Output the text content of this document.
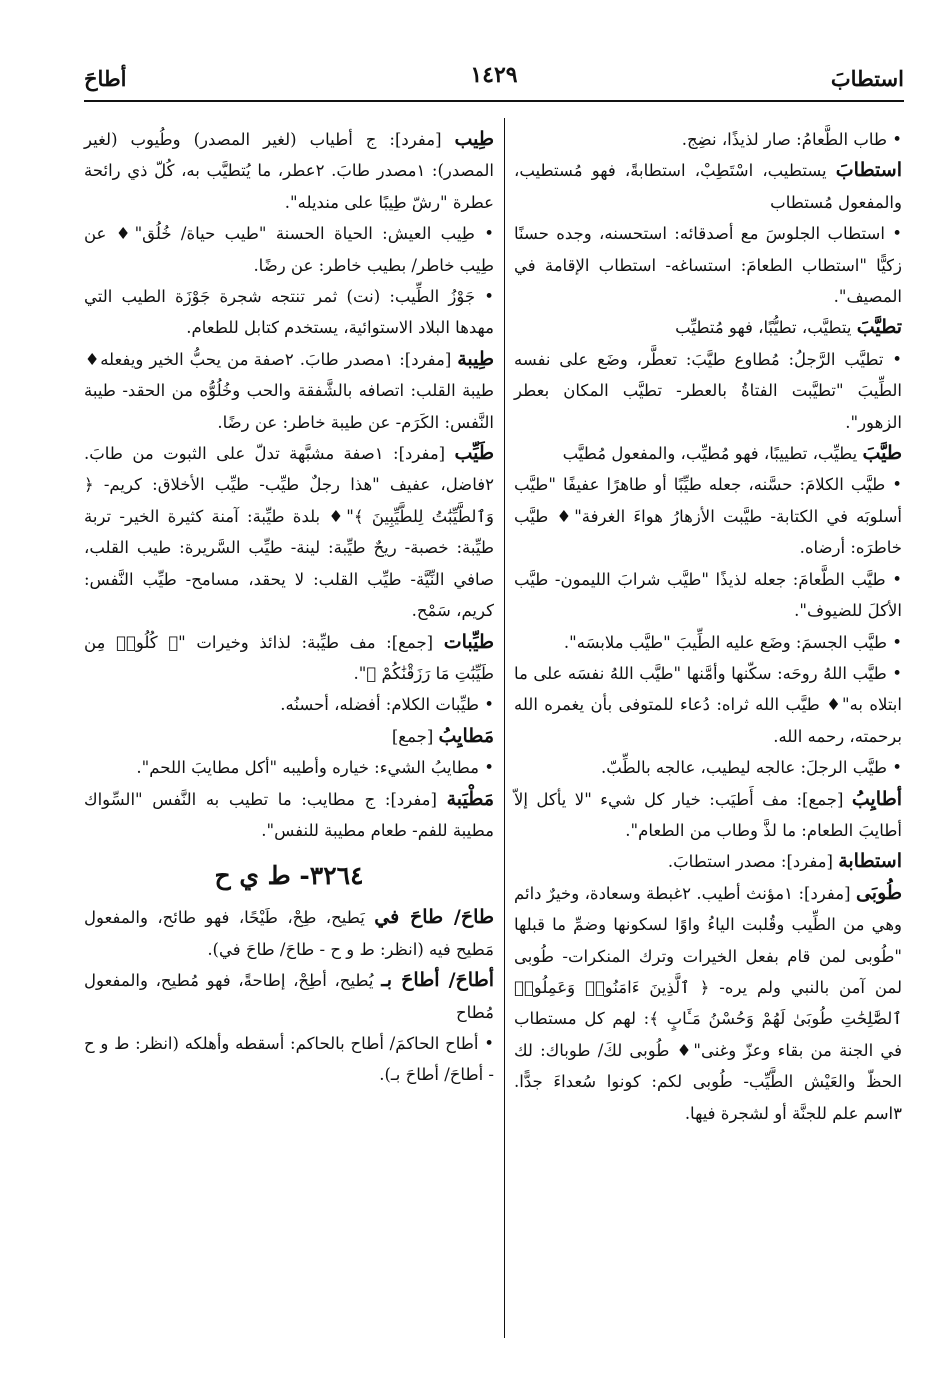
استطابَ
١٤٢٩
أطاحَ

• طاب الطَّعامُ: صار لذيذًا، نضِج.

استطابَ يستطيب، اسْتَطِبْ، استطابةً، فهو مُستطيب، والمفعول مُستطاب

• استطاب الجلوسَ مع أصدقائه: استحسنه، وجده حسنًا زكيًّا "استطاب الطعامَ: استساغه- استطاب الإقامة في المصيف".

تطيَّبَ يتطيَّب، تطيُّبًا، فهو مُتطيِّب

• تطيَّب الرَّجلُ: مُطاوع طيَّبَ: تعطَّر، وضَع على نفسه الطِّيبَ "تطيَّبت الفتاةُ بالعطر- تطيَّب المكان بعطر الزهور".

طيَّبَ يطيِّب، تطييبًا، فهو مُطيِّب، والمفعول مُطيَّب

• طيَّب الكلامَ: حسَّنه، جعله طيِّبًا أو طاهرًا عفيفًا "طيَّب أسلوبَه في الكتابة- طيَّبت الأزهارُ هواءَ الغرفة"♦ طيَّب خاطرَه: أرضاه.

• طيَّب الطَّعامَ: جعله لذيذًا "طيَّب شرابَ الليمون- طيَّب الأكلَ للضيوف".

• طيَّب الجسمَ: وضَع عليه الطِّيبَ "طيَّب ملابسَه".

• طيَّب اللهُ روحَه: سكّنها وأمَّنها "طيَّب اللهُ نفسَه على ما ابتلاه به"♦ طيَّب الله ثراه: دُعاء للمتوفى بأن يغمره الله برحمته، رحمه الله.

• طيَّب الرجلَ: عالجه ليطيب، عالجه بالطِّبّ.

أطايِبُ [جمع]: مف أَطيَب: خيار كل شيء "لا يأكل إلاّ أطايبَ الطعام: ما لذَّ وطاب من الطعام".

استطابة [مفرد]: مصدر استطابَ.

طُوبَى [مفرد]: ١مؤنث أطيب. ٢غبطة وسعادة، وخيرٌ دائم وهي من الطِّيب وقُلبت الياءُ واوًا لسكونها وضمِّ ما قبلها "طُوبى لمن قام بفعل الخيرات وترك المنكرات- طُوبى لمن آمن بالنبي ولم يره- ﴿ ٱلَّذِينَ ءَامَنُوا۟ وَعَمِلُوا۟ ٱلصَّٰلِحَٰتِ طُوبَىٰ لَهُمْ وَحُسْنُ مَـَٔابٍ ﴾: لهم كل مستطاب في الجنة من بقاء وعزّ وغنى"♦ طُوبى لكَ/ طوباك: لك الحظّ والعَيْش الطَّيِّب- طُوبى لكم: كونوا سُعداءَ جدًّا. ٣اسم علم للجنَّة أو لشجرة فيها.

طِيب [مفرد]: ج أطياب (لغير المصدر) وطُيوب (لغير المصدر): ١مصدر طابَ. ٢عطر، ما يُتطيَّب به، كُلّ ذي رائحة عطرة "رشّ طِيبًا على منديله".

• طِيب العيش: الحياة الحسنة "طيب حياة/ خُلُق"♦ عن طِيب خاطر/ بطيب خاطر: عن رضًا.

• جَوْزُ الطِّيب: (نت) ثمر تنتجه شجرة جَوْزَة الطيب التي مهدها البلاد الاستوائية، يستخدم كتابل للطعام.

طِيبة [مفرد]: ١مصدر طابَ. ٢صفة من يحبُّ الخير ويفعله♦ طيبة القلب: اتصافه بالشَّفقة والحب وخُلُوُّه من الحقد- طيبة النَّفس: الكَرَم- عن طيبة خاطر: عن رضًا.

طَيِّب [مفرد]: ١صفة مشبَّهة تدلّ على الثبوت من طابَ. ٢فاضل، عفيف "هذا رجلٌ طيِّب- طيِّب الأخلاق: كريم- ﴿ وَٱلطَّيِّبَٰتُ لِلطَّيِّبِينَ ﴾"♦ بلدة طيِّبة: آمنة كثيرة الخير- تربة طيِّبة: خصبة- ريحٌ طيِّبة: لينة- طيِّب السَّريرة: طيب القلب، صافي النِّيَّة- طيِّب القلب: لا يحقد، مسامح- طيِّب النَّفس: كريم، سَمْح.

طيِّبات [جمع]: مف طيِّبة: لذائذ وخيرات "﴿ كُلُوا۟ مِن طَيِّبَٰتِ مَا رَزَقْنَٰكُمْ ﴾".

• طيِّبات الكلام: أفضله، أحسنُه.

مَطايِبُ [جمع]

• مطايبُ الشيء: خياره وأطيبه "أكل مطايبَ اللحم".

مَطْيَبة [مفرد]: ج مطايب: ما تطيب به النَّفس "السِّواك مطيبة للفم- طعام مطيبة للنفس".

٣٢٦٤- ط ي ح

طاحَ/ طاحَ في يَطيح، طِحْ، طَيْحًا، فهو طائح، والمفعول مَطيح فيه (انظر: ط و ح - طاحَ/ طاحَ في).

أطاحَ/ أطاحَ بـ يُطيح، أطِحْ، إطاحةً، فهو مُطيح، والمفعول مُطاح

• أطاح الحاكمَ/ أطاح بالحاكم: أسقطه وأهلكه (انظر: ط و ح - أطاحَ/ أطاحَ بـ).
